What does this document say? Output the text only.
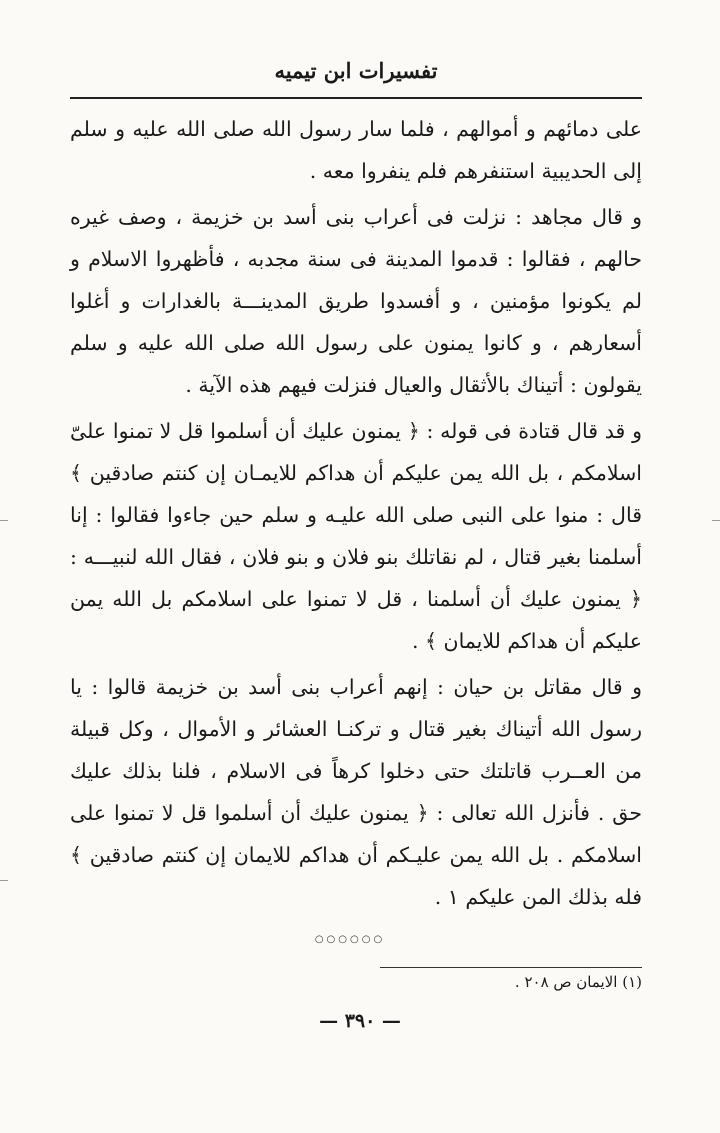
تفسيرات ابن تيميه

على دمائهم و أموالهم ، فلما سار رسول الله صلى الله عليه و سلم إلى الحديبية استنفرهم فلم ينفروا معه .

و قال مجاهد : نزلت فى أعراب بنى أسد بن خزيمة ، وصف غيره حالهم ، فقالوا : قدموا المدينة فى سنة مجدبه ، فأظهروا الاسلام و لم يكونوا مؤمنين ، و أفسدوا طريق المدينـــة بالغدارات و أغلوا أسعارهم ، و كانوا يمنون على رسول الله صلى الله عليه و سلم يقولون : أتيناك بالأثقال والعيال فنزلت فيهم هذه الآية .

و قد قال قتادة فى قوله : ﴿ يمنون عليك أن أسلموا قل لا تمنوا علىّ اسلامكم ، بل الله يمن عليكم أن هداكم للايمـان إن كنتم صادقين ﴾ قال : منوا على النبى صلى الله عليـه و سلم حين جاءوا فقالوا : إنا أسلمنا بغير قتال ، لم نقاتلك بنو فلان و بنو فلان ، فقال الله لنبيـــه : ﴿ يمنون عليك أن أسلمنا ، قل لا تمنوا على اسلامكم بل الله يمن عليكم أن هداكم للايمان ﴾ .

و قال مقاتل بن حيان : إنهم أعراب بنى أسد بن خزيمة قالوا : يا رسول الله أتيناك بغير قتال و تركنـا العشائر و الأموال ، وكل قبيلة من العــرب قاتلتك حتى دخلوا كرهاً فى الاسلام ، فلنا بذلك عليك حق . فأنزل الله تعالى : ﴿ يمنون عليك أن أسلموا قل لا تمنوا على اسلامكم . بل الله يمن عليـكم أن هداكم للايمان إن كنتم صادقين ﴾ فله بذلك المن عليكم ١ .

○○○○○○
(١) الايمان ص ٢٠٨ .
— ٣٩٠ —
